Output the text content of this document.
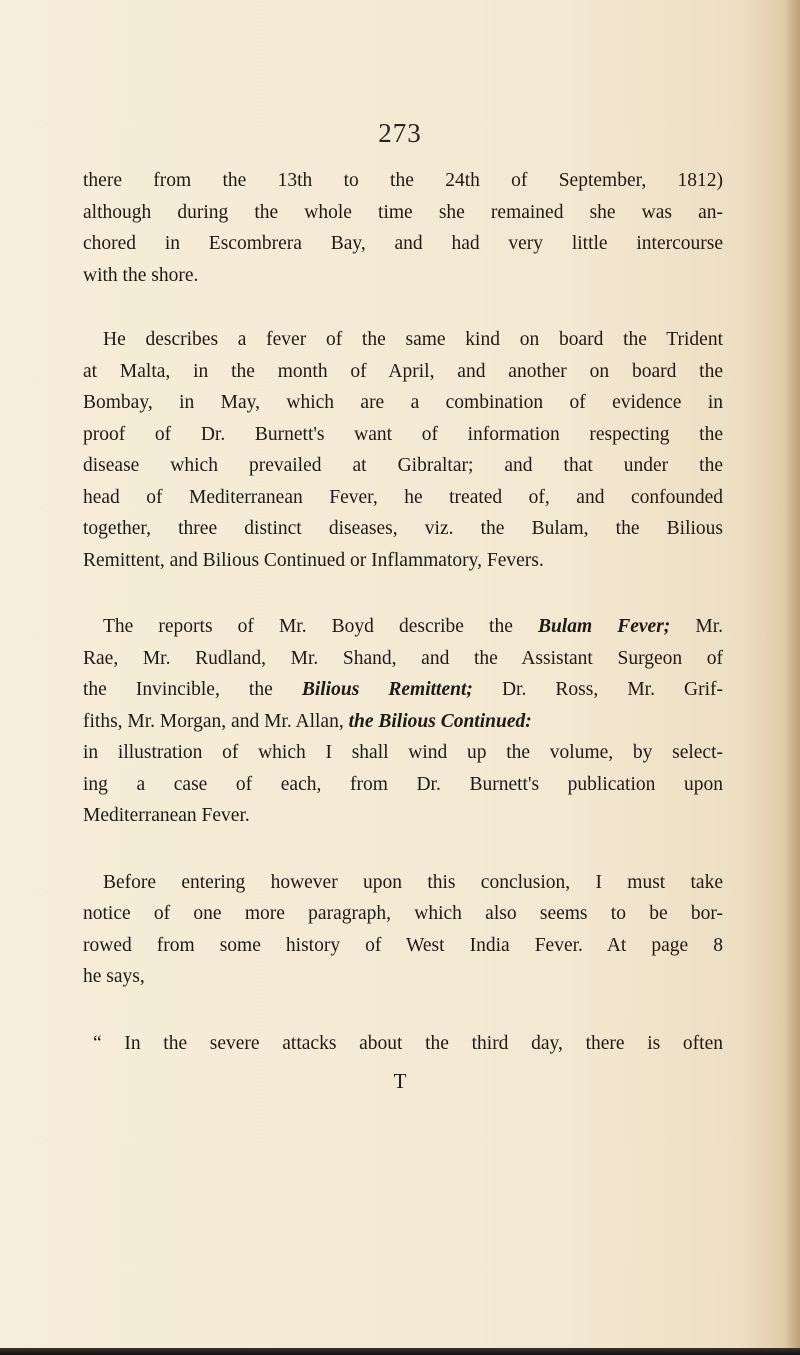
273

there from the 13th to the 24th of September, 1812)
although during the whole time she remained she was an-
chored in Escombrera Bay, and had very little intercourse
with the shore.

He describes a fever of the same kind on board the Trident
at Malta, in the month of April, and another on board the
Bombay, in May, which are a combination of evidence in
proof of Dr. Burnett's want of information respecting the
disease which prevailed at Gibraltar; and that under the
head of Mediterranean Fever, he treated of, and confounded
together, three distinct diseases, viz. the Bulam, the Bilious
Remittent, and Bilious Continued or Inflammatory, Fevers.

The reports of Mr. Boyd describe the Bulam Fever; Mr.
Rae, Mr. Rudland, Mr. Shand, and the Assistant Surgeon of
the Invincible, the Bilious Remittent; Dr. Ross, Mr. Grif-
fiths, Mr. Morgan, and Mr. Allan, the Bilious Continued:
in illustration of which I shall wind up the volume, by select-
ing a case of each, from Dr. Burnett's publication upon
Mediterranean Fever.

Before entering however upon this conclusion, I must take
notice of one more paragraph, which also seems to be bor-
rowed from some history of West India Fever. At page 8
he says,

“ In the severe attacks about the third day, there is often

T
